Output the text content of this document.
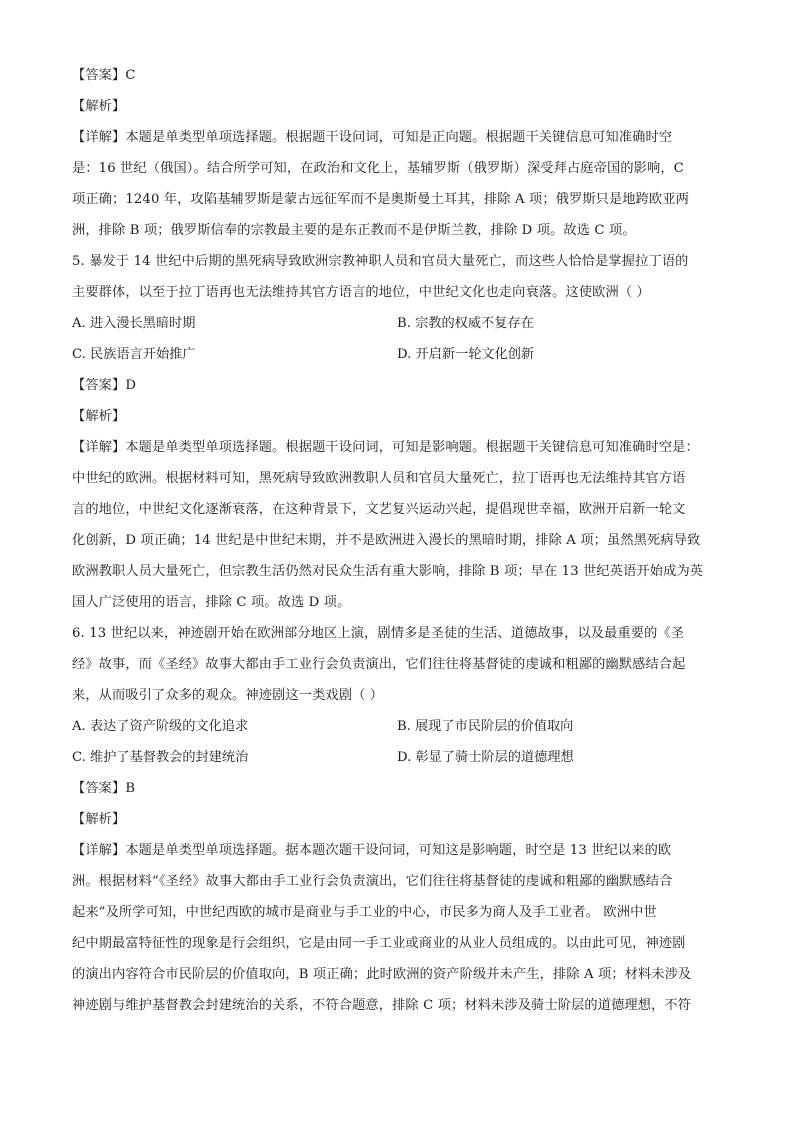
【答案】C
【解析】
【详解】本题是单类型单项选择题。根据题干设问词，可知是正向题。根据题干关键信息可知准确时空
是：16 世纪（俄国）。结合所学可知，在政治和文化上，基辅罗斯（俄罗斯）深受拜占庭帝国的影响，C
项正确；1240 年，攻陷基辅罗斯是蒙古远征军而不是奥斯曼土耳其，排除 A 项；俄罗斯只是地跨欧亚两
洲，排除 B 项；俄罗斯信奉的宗教最主要的是东正教而不是伊斯兰教，排除 D 项。故选 C 项。
5. 暴发于 14 世纪中后期的黑死病导致欧洲宗教神职人员和官员大量死亡，而这些人恰恰是掌握拉丁语的
主要群体，以至于拉丁语再也无法维持其官方语言的地位，中世纪文化也走向衰落。这使欧洲（ ）
A. 进入漫长黑暗时期	B. 宗教的权威不复存在
C. 民族语言开始推广	D. 开启新一轮文化创新
【答案】D
【解析】
【详解】本题是单类型单项选择题。根据题干设问词，可知是影响题。根据题干关键信息可知准确时空是：
中世纪的欧洲。根据材料可知，黑死病导致欧洲教职人员和官员大量死亡，拉丁语再也无法维持其官方语
言的地位，中世纪文化逐渐衰落，在这种背景下，文艺复兴运动兴起，提倡现世幸福，欧洲开启新一轮文
化创新，D 项正确；14 世纪是中世纪末期，并不是欧洲进入漫长的黑暗时期，排除 A 项；虽然黑死病导致
欧洲教职人员大量死亡，但宗教生活仍然对民众生活有重大影响，排除 B 项；早在 13 世纪英语开始成为英
国人广泛使用的语言，排除 C 项。故选 D 项。
6. 13 世纪以来，神迹剧开始在欧洲部分地区上演，剧情多是圣徒的生活、道德故事，以及最重要的《圣
经》故事，而《圣经》故事大都由手工业行会负责演出，它们往往将基督徒的虔诚和粗鄙的幽默感结合起
来，从而吸引了众多的观众。神迹剧这一类戏剧（ ）
A. 表达了资产阶级的文化追求	B. 展现了市民阶层的价值取向
C. 维护了基督教会的封建统治	D. 彰显了骑士阶层的道德理想
【答案】B
【解析】
【详解】本题是单类型单项选择题。据本题次题干设问词，可知这是影响题，时空是 13 世纪以来的欧
洲。根据材料“《圣经》故事大都由手工业行会负责演出，它们往往将基督徒的虔诚和粗鄙的幽默感结合
起来”及所学可知，中世纪西欧的城市是商业与手工业的中心，市民多为商人及手工业者。 欧洲中世
纪中期最富特征性的现象是行会组织，它是由同一手工业或商业的从业人员组成的。以由此可见，神迹剧
的演出内容符合市民阶层的价值取向，B 项正确；此时欧洲的资产阶级并未产生，排除 A 项；材料未涉及
神迹剧与维护基督教会封建统治的关系，不符合题意，排除 C 项；材料未涉及骑士阶层的道德理想，不符
